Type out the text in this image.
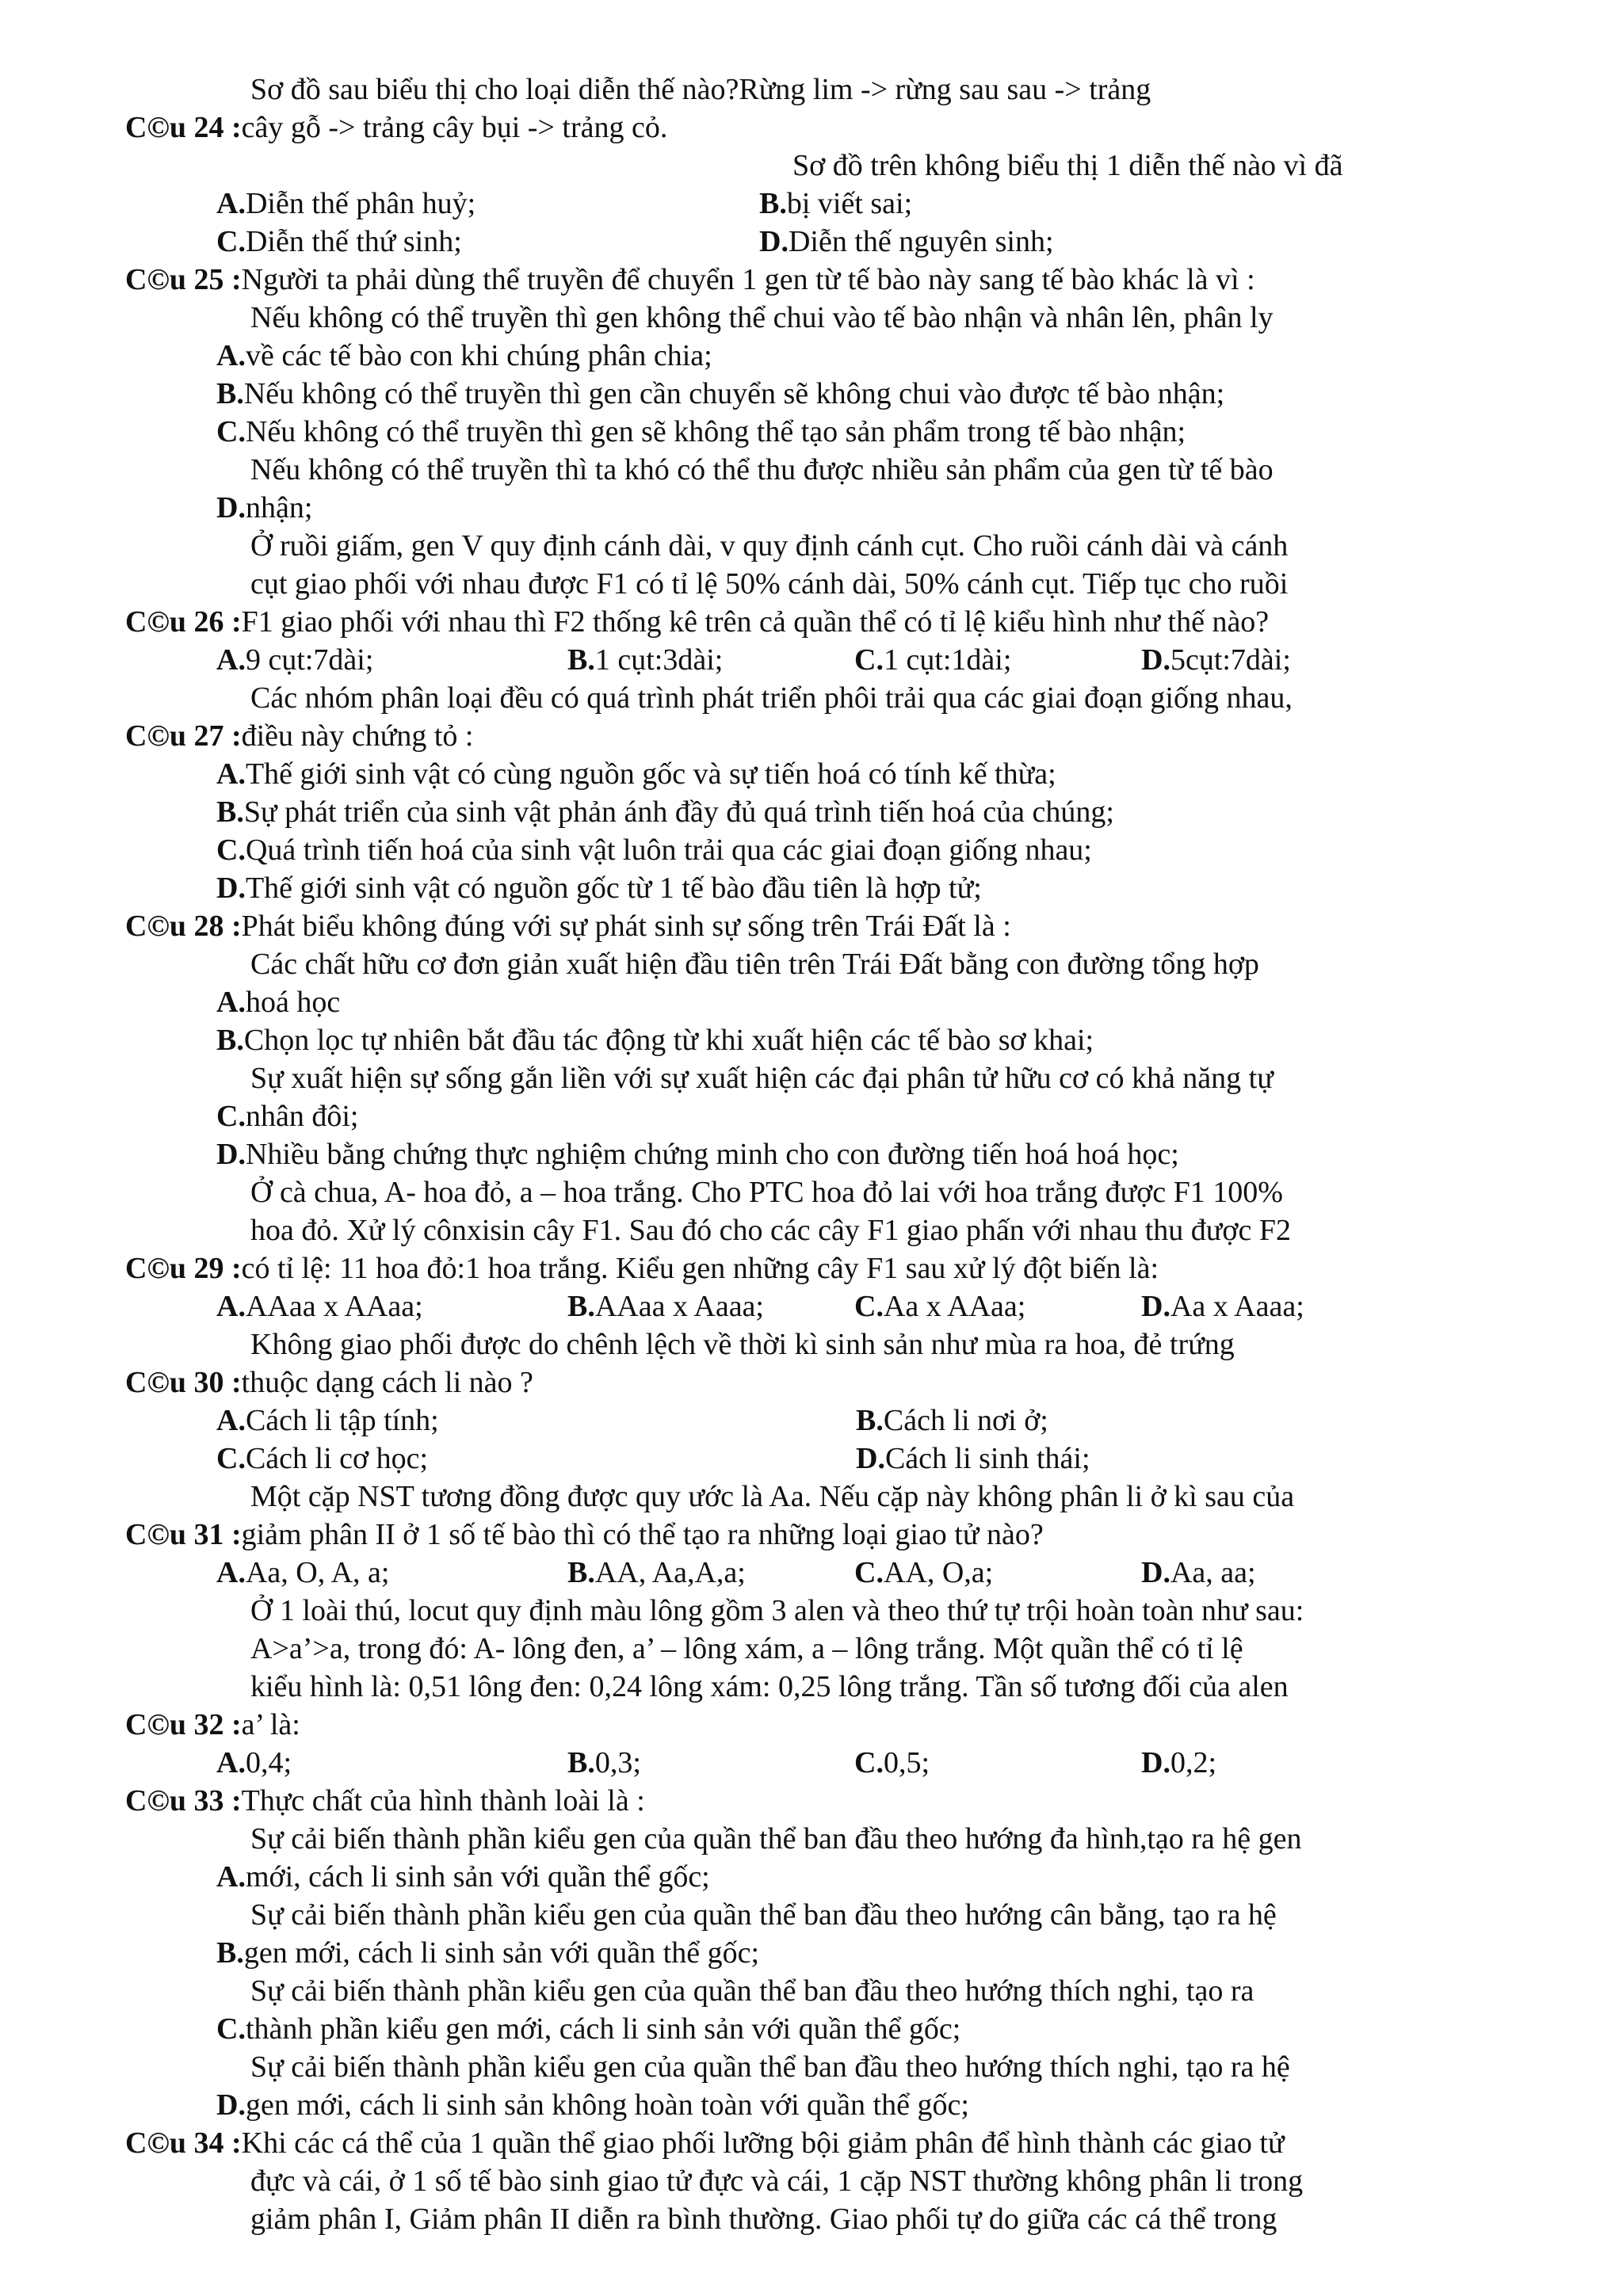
Sơ đồ sau biểu thị cho loại diễn thế nào?Rừng lim -> rừng sau sau -> trảng
C©u 24 :cây gỗ -> trảng cây bụi -> trảng cỏ.
Sơ đồ trên không biểu thị 1 diễn thế nào vì đã
A.Diễn thế phân huỷ;	B.bị viết sai;
C.Diễn thế thứ sinh;	D.Diễn thế nguyên sinh;
C©u 25 :Người ta phải dùng thể truyền để chuyển 1 gen từ tế bào này sang tế bào khác là vì :
Nếu không có thể truyền thì gen không thể chui vào tế bào nhận và nhân lên, phân ly
A.về các tế bào con khi chúng phân chia;
B.Nếu không có thể truyền thì gen cần chuyển sẽ không chui vào được tế bào nhận;
C.Nếu không có thể truyền thì gen sẽ không thể tạo sản phẩm trong tế bào nhận;
Nếu không có thể truyền thì ta khó có thể thu được nhiều sản phẩm của gen từ tế bào
D.nhận;
Ở ruồi giấm, gen V quy định cánh dài, v quy định cánh cụt. Cho ruồi cánh dài và cánh
cụt giao phối với nhau được F1 có tỉ lệ 50% cánh dài, 50% cánh cụt. Tiếp tục cho ruồi
C©u 26 :F1 giao phối với nhau thì F2 thống kê trên cả quần thể có tỉ lệ kiểu hình như thế nào?
A.9 cụt:7dài;	B.1 cụt:3dài;	C.1 cụt:1dài;	D.5cụt:7dài;
Các nhóm phân loại đều có quá trình phát triển phôi trải qua các giai đoạn giống nhau,
C©u 27 :điều này chứng tỏ :
A.Thế giới sinh vật có cùng nguồn gốc và sự tiến hoá có tính kế thừa;
B.Sự phát triển của sinh vật phản ánh đầy đủ quá trình tiến hoá của chúng;
C.Quá trình tiến hoá của sinh vật luôn trải qua các giai đoạn giống nhau;
D.Thế giới sinh vật có nguồn gốc từ 1 tế bào đầu tiên là hợp tử;
C©u 28 :Phát biểu không đúng với sự phát sinh sự sống trên Trái Đất là :
Các chất hữu cơ đơn giản xuất hiện đầu tiên trên Trái Đất bằng con đường tổng hợp
A.hoá học
B.Chọn lọc tự nhiên bắt đầu tác động từ khi xuất hiện các tế bào sơ khai;
Sự xuất hiện sự sống gắn liền với sự xuất hiện các đại phân tử hữu cơ có khả năng tự
C.nhân đôi;
D.Nhiều bằng chứng thực nghiệm chứng minh cho con đường tiến hoá hoá học;
Ở cà chua, A- hoa đỏ, a – hoa trắng. Cho PTC hoa đỏ lai với hoa trắng được F1 100%
hoa đỏ. Xử lý cônxisin cây F1. Sau đó cho các cây F1 giao phấn với nhau thu được F2
C©u 29 :có tỉ lệ: 11 hoa đỏ:1 hoa trắng. Kiểu gen những cây F1 sau xử lý đột biến là:
A.AAaa x AAaa;	B.AAaa x Aaaa;	C.Aa x AAaa;	D.Aa x Aaaa;
Không giao phối được do chênh lệch về thời kì sinh sản như mùa ra hoa, đẻ trứng
C©u 30 :thuộc dạng cách li nào ?
A.Cách li tập tính;	B.Cách li nơi ở;
C.Cách li cơ học;	D.Cách li sinh thái;
Một cặp NST tương đồng được quy ước là Aa. Nếu cặp này không phân li ở kì sau của
C©u 31 :giảm phân II ở 1 số tế bào thì có thể tạo ra những loại giao tử nào?
A.Aa, O, A, a;	B.AA, Aa,A,a;	C.AA, O,a;	D.Aa, aa;
Ở 1 loài thú, locut quy định màu lông gồm 3 alen và theo thứ tự trội hoàn toàn như sau:
A>a’>a, trong đó: A- lông đen, a’ – lông xám, a – lông trắng. Một quần thể có tỉ lệ
kiểu hình là: 0,51 lông đen: 0,24 lông xám: 0,25 lông trắng. Tần số tương đối của alen
C©u 32 :a’ là:
A.0,4;	B.0,3;	C.0,5;	D.0,2;
C©u 33 :Thực chất của hình thành loài là :
Sự cải biến thành phần kiểu gen của quần thể ban đầu theo hướng đa hình,tạo ra hệ gen
A.mới, cách li sinh sản với quần thể gốc;
Sự cải biến thành phần kiểu gen của quần thể ban đầu theo hướng cân bằng, tạo ra hệ
B.gen mới, cách li sinh sản với quần thể gốc;
Sự cải biến thành phần kiểu gen của quần thể ban đầu theo hướng thích nghi, tạo ra
C.thành phần kiểu gen mới, cách li sinh sản với quần thể gốc;
Sự cải biến thành phần kiểu gen của quần thể ban đầu theo hướng thích nghi, tạo ra hệ
D.gen mới, cách li sinh sản không hoàn toàn với quần thể gốc;
C©u 34 :Khi các cá thể của 1 quần thể giao phối lưỡng bội giảm phân để hình thành các giao tử
đực và cái, ở 1 số tế bào sinh giao tử đực và cái, 1 cặp NST thường không phân li trong
giảm phân I, Giảm phân II diễn ra bình thường. Giao phối tự do giữa các cá thể trong
